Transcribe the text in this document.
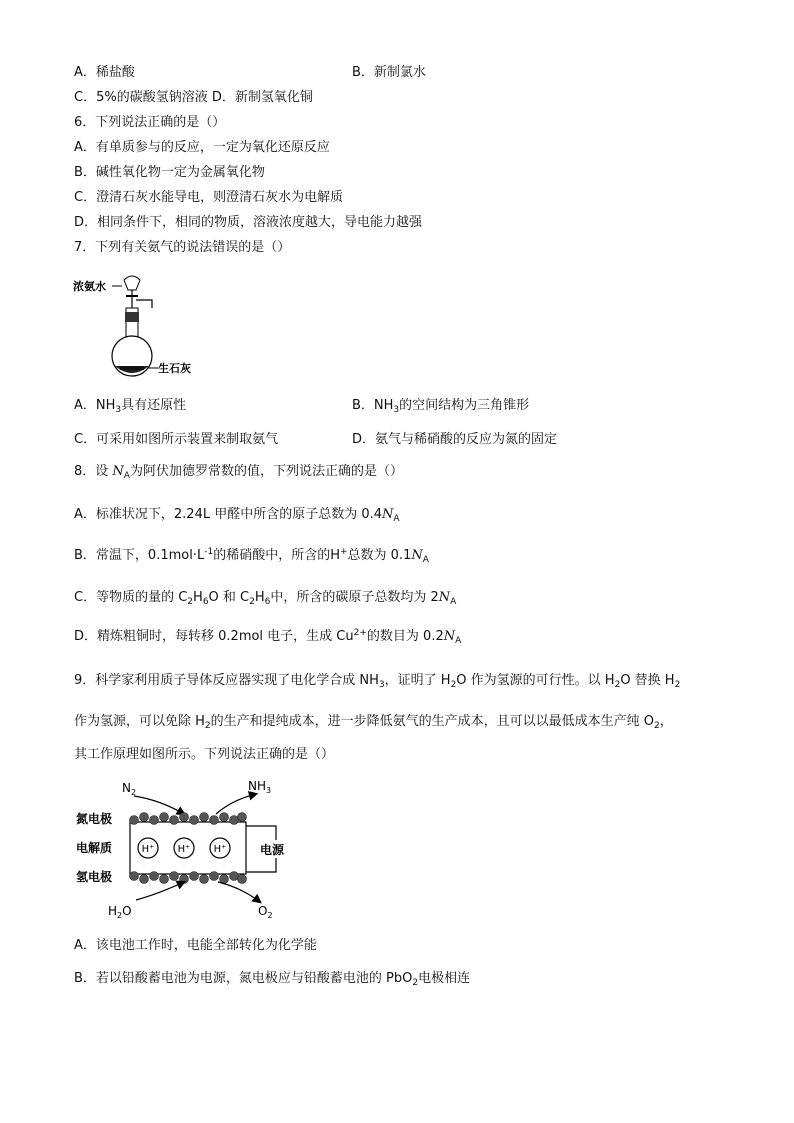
A．稀盐酸	B．新制氯水
C．5%的碳酸氢钠溶液 D．新制氢氧化铜
6．下列说法正确的是（）
A．有单质参与的反应，一定为氧化还原反应
B．碱性氧化物一定为金属氧化物
C．澄清石灰水能导电，则澄清石灰水为电解质
D．相同条件下，相同的物质，溶液浓度越大，导电能力越强
7．下列有关氨气的说法错误的是（）
浓氨水
生石灰
A．$NH_3$具有还原性	B．$NH_3$的空间结构为三角锥形
C．可采用如图所示装置来制取氨气	D．氨气与稀硝酸的反应为氮的固定
8．设 $N_A$为阿伏加德罗常数的值，下列说法正确的是（）
A．标准状况下，2.24L 甲醛中所含的原子总数为 $0.4N_A$
B．常温下，$0.1mol\cdot L^{-1}$的稀硝酸中，所含的H+总数为 $0.1N_A$
C．等物质的量的 $C_2H_6O$ 和 $C_2H_6$中，所含的碳原子总数均为 $2N_A$
D．精炼粗铜时，每转移 0.2mol 电子，生成 $Cu^{2+}$的数目为 $0.2N_A$
9．科学家利用质子导体反应器实现了电化学合成 $NH_3$，证明了 $H_2O$ 作为氢源的可行性。以 $H_2O$ 替换 $H_2$
作为氢源，可以免除 $H_2$的生产和提纯成本，进一步降低氨气的生产成本，且可以以最低成本生产纯 $O_2$，
其工作原理如图所示。下列说法正确的是（）
$N_2$	$NH_3$
氮电极
电解质
氢电极
H⁺ H⁺ H⁺	电源
$H_2O$	$O_2$
A．该电池工作时，电能全部转化为化学能
B．若以铅酸蓄电池为电源，氮电极应与铅酸蓄电池的 PbO$_2$电极相连
